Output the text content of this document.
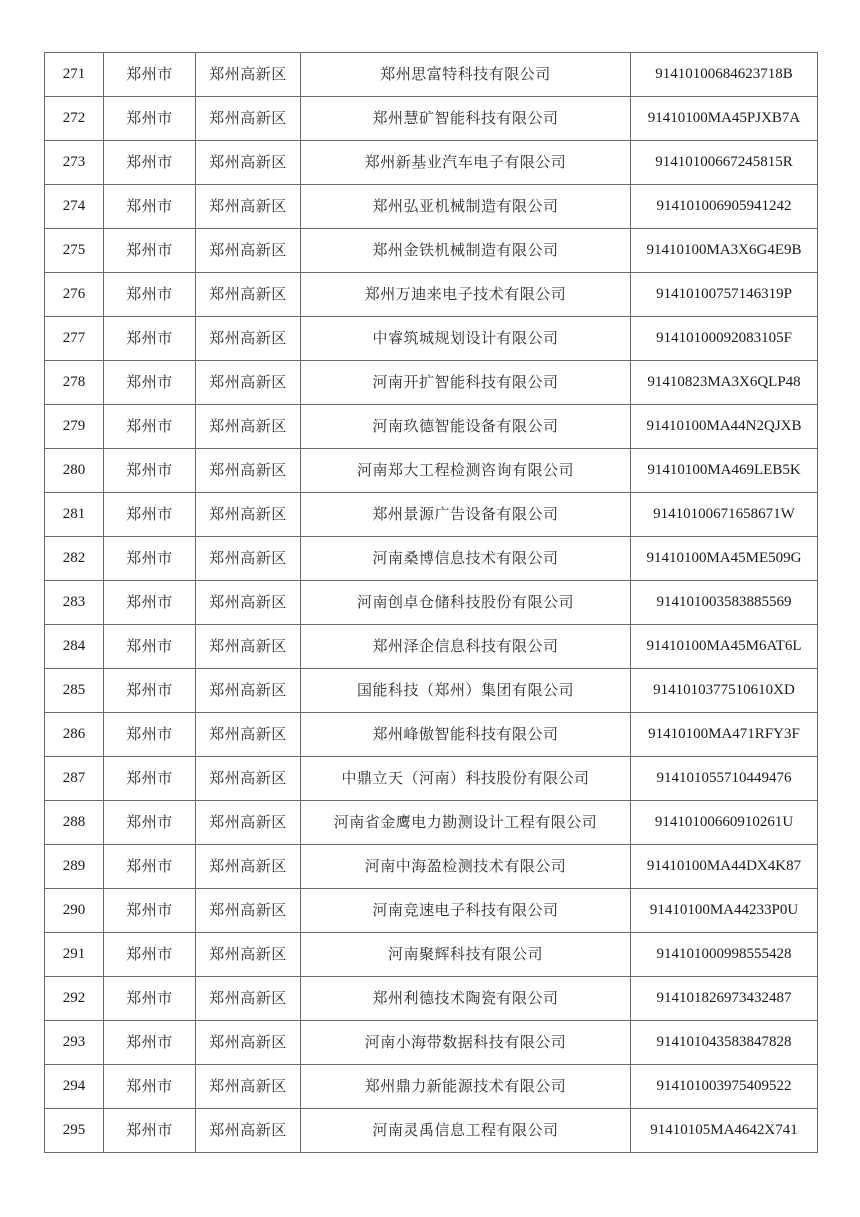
271	郑州市	郑州高新区	郑州思富特科技有限公司	91410100684623718B
272	郑州市	郑州高新区	郑州慧矿智能科技有限公司	91410100MA45PJXB7A
273	郑州市	郑州高新区	郑州新基业汽车电子有限公司	91410100667245815R
274	郑州市	郑州高新区	郑州弘亚机械制造有限公司	914101006905941242
275	郑州市	郑州高新区	郑州金铁机械制造有限公司	91410100MA3X6G4E9B
276	郑州市	郑州高新区	郑州万迪来电子技术有限公司	91410100757146319P
277	郑州市	郑州高新区	中睿筑城规划设计有限公司	91410100092083105F
278	郑州市	郑州高新区	河南开扩智能科技有限公司	91410823MA3X6QLP48
279	郑州市	郑州高新区	河南玖德智能设备有限公司	91410100MA44N2QJXB
280	郑州市	郑州高新区	河南郑大工程检测咨询有限公司	91410100MA469LEB5K
281	郑州市	郑州高新区	郑州景源广告设备有限公司	91410100671658671W
282	郑州市	郑州高新区	河南桑博信息技术有限公司	91410100MA45ME509G
283	郑州市	郑州高新区	河南创卓仓储科技股份有限公司	914101003583885569
284	郑州市	郑州高新区	郑州泽企信息科技有限公司	91410100MA45M6AT6L
285	郑州市	郑州高新区	国能科技（郑州）集团有限公司	9141010377510610XD
286	郑州市	郑州高新区	郑州峰傲智能科技有限公司	91410100MA471RFY3F
287	郑州市	郑州高新区	中鼎立天（河南）科技股份有限公司	914101055710449476
288	郑州市	郑州高新区	河南省金鹰电力勘测设计工程有限公司	91410100660910261U
289	郑州市	郑州高新区	河南中海盈检测技术有限公司	91410100MA44DX4K87
290	郑州市	郑州高新区	河南竞速电子科技有限公司	91410100MA44233P0U
291	郑州市	郑州高新区	河南聚辉科技有限公司	914101000998555428
292	郑州市	郑州高新区	郑州利德技术陶瓷有限公司	914101826973432487
293	郑州市	郑州高新区	河南小海带数据科技有限公司	914101043583847828
294	郑州市	郑州高新区	郑州鼎力新能源技术有限公司	914101003975409522
295	郑州市	郑州高新区	河南灵禹信息工程有限公司	91410105MA4642X741
